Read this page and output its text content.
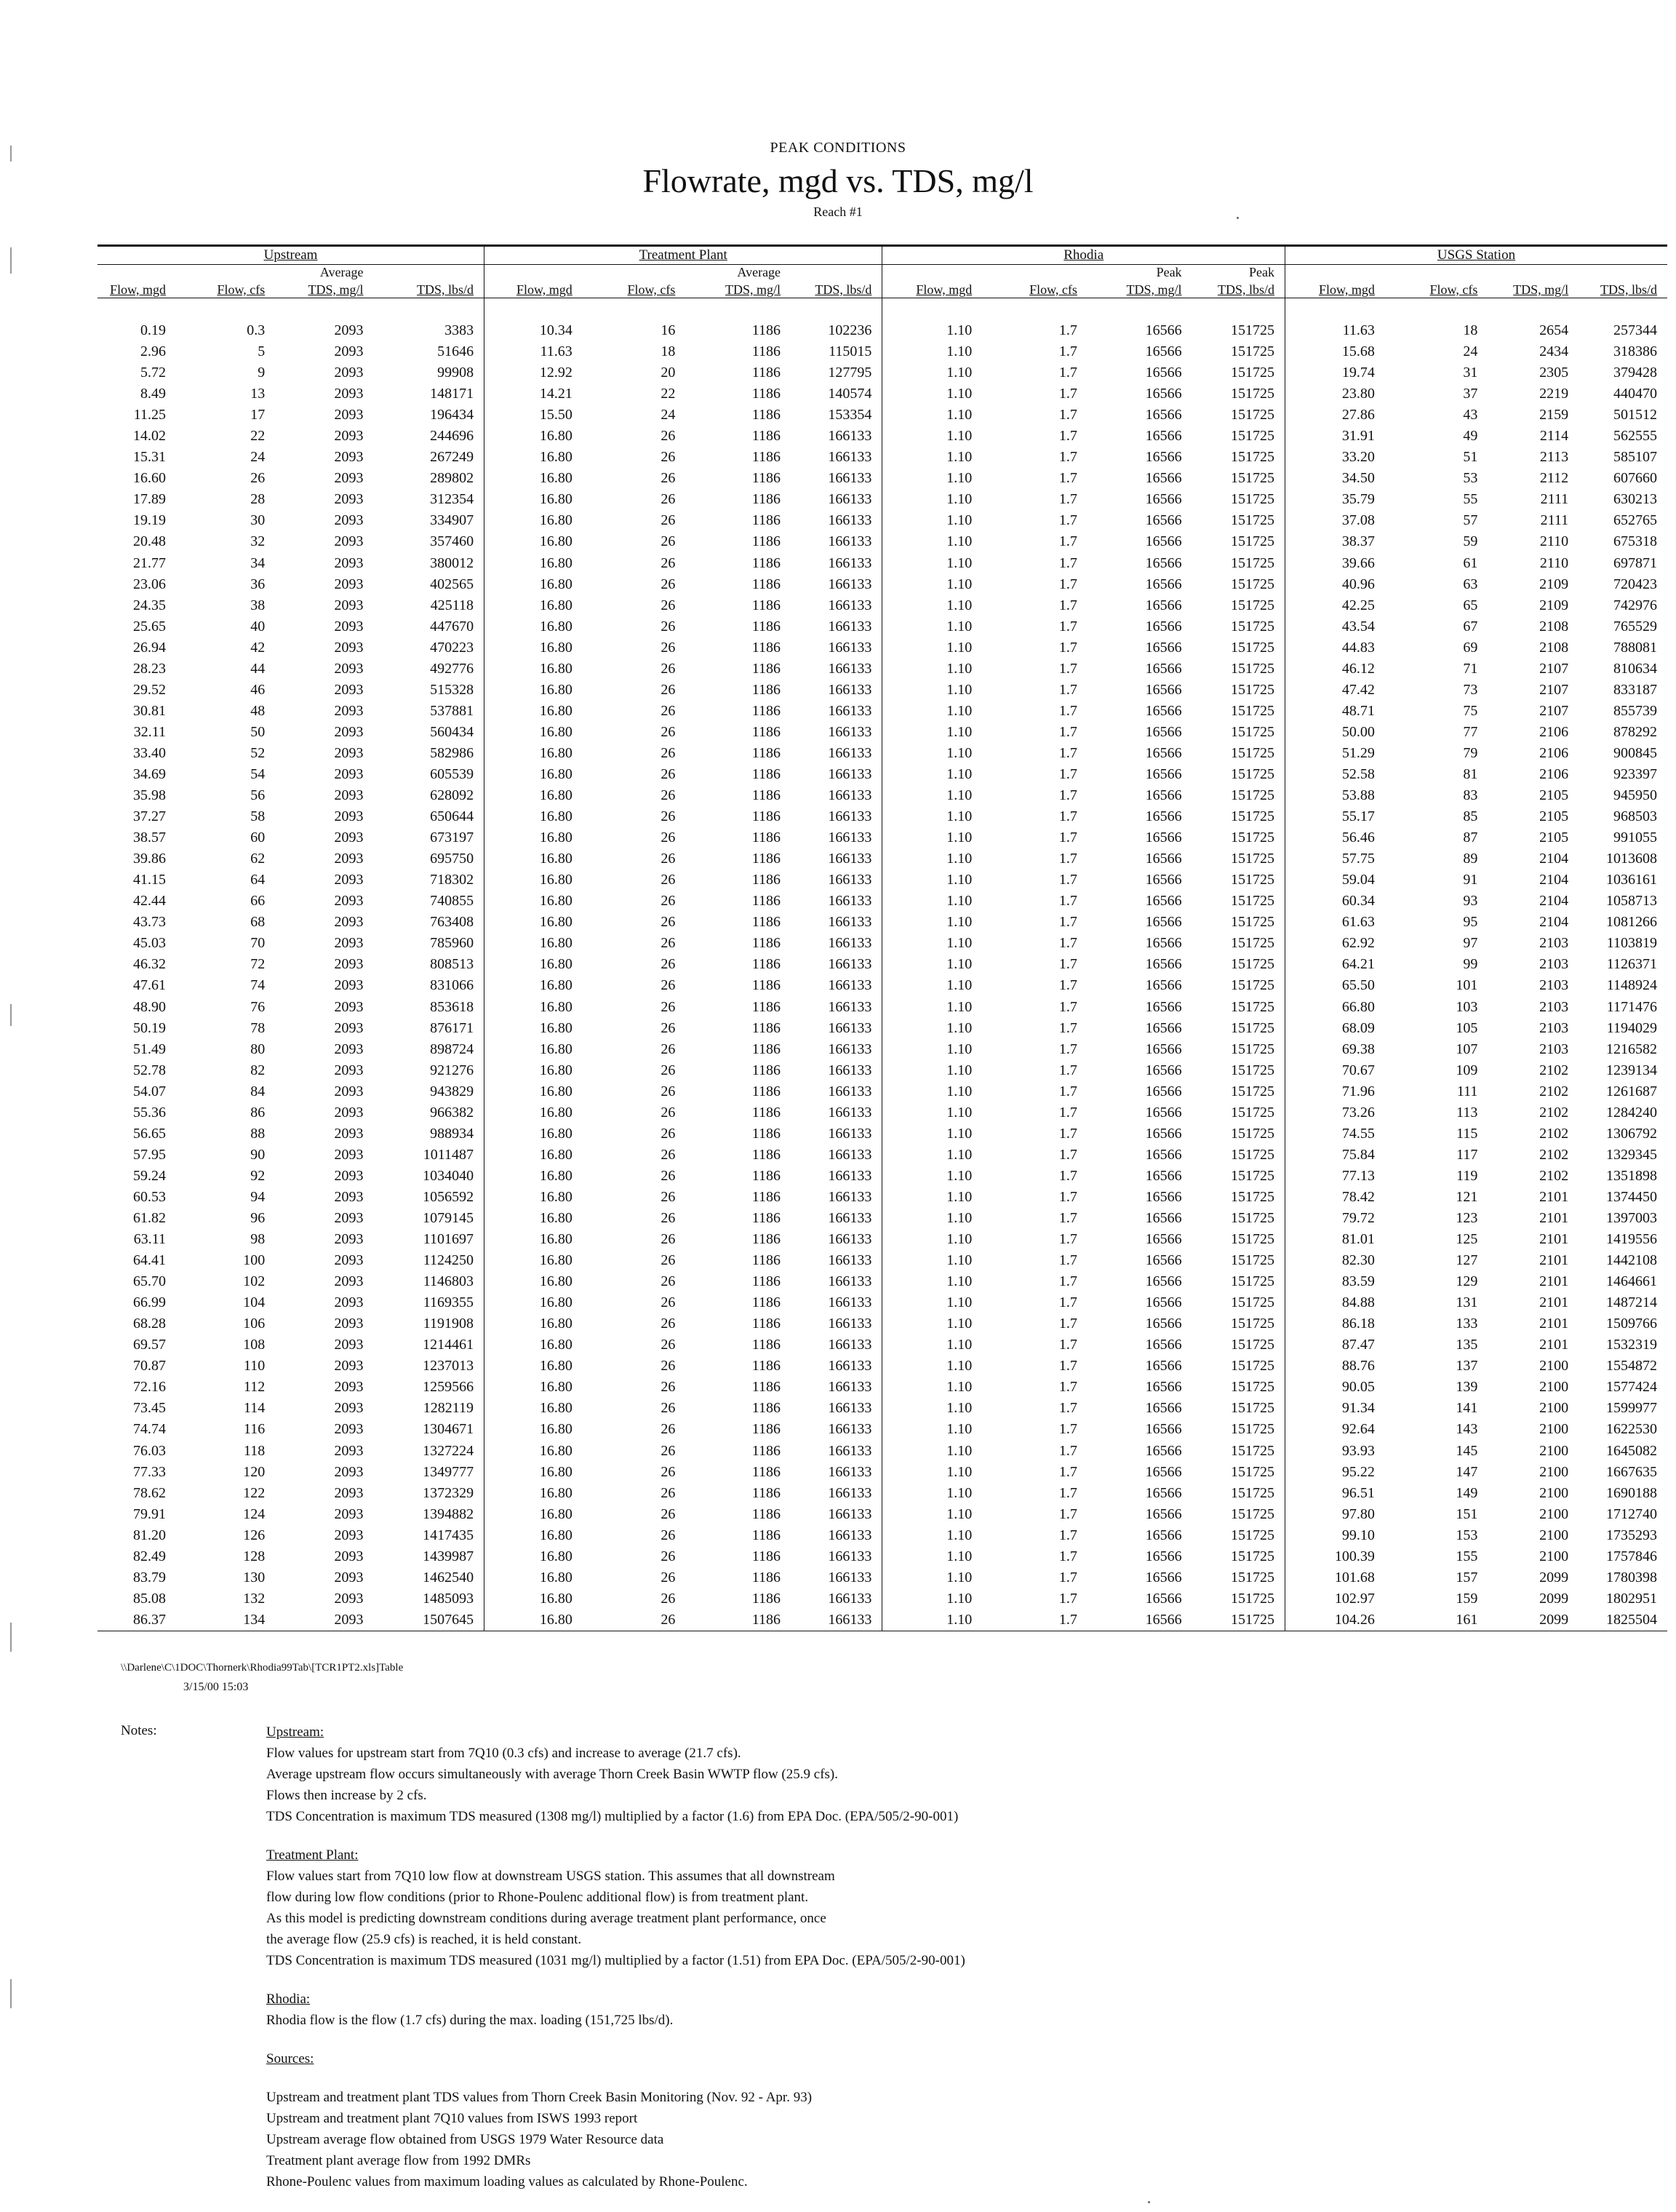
PEAK CONDITIONS
Flowrate, mgd vs. TDS, mg/l
Reach #1
Upstream				Treatment Plant				Rhodia				USGS Station			
		Average				Average				Peak	Peak				
Flow, mgd	Flow, cfs	TDS, mg/l	TDS, lbs/d	Flow, mgd	Flow, cfs	TDS, mg/l	TDS, lbs/d	Flow, mgd	Flow, cfs	TDS, mg/l	TDS, lbs/d	Flow, mgd	Flow, cfs	TDS, mg/l	TDS, lbs/d

0.19	0.3	2093	3383	10.34	16	1186	102236	1.10	1.7	16566	151725	11.63	18	2654	257344
2.96	5	2093	51646	11.63	18	1186	115015	1.10	1.7	16566	151725	15.68	24	2434	318386
5.72	9	2093	99908	12.92	20	1186	127795	1.10	1.7	16566	151725	19.74	31	2305	379428
8.49	13	2093	148171	14.21	22	1186	140574	1.10	1.7	16566	151725	23.80	37	2219	440470
11.25	17	2093	196434	15.50	24	1186	153354	1.10	1.7	16566	151725	27.86	43	2159	501512
14.02	22	2093	244696	16.80	26	1186	166133	1.10	1.7	16566	151725	31.91	49	2114	562555
15.31	24	2093	267249	16.80	26	1186	166133	1.10	1.7	16566	151725	33.20	51	2113	585107
16.60	26	2093	289802	16.80	26	1186	166133	1.10	1.7	16566	151725	34.50	53	2112	607660
17.89	28	2093	312354	16.80	26	1186	166133	1.10	1.7	16566	151725	35.79	55	2111	630213
19.19	30	2093	334907	16.80	26	1186	166133	1.10	1.7	16566	151725	37.08	57	2111	652765
20.48	32	2093	357460	16.80	26	1186	166133	1.10	1.7	16566	151725	38.37	59	2110	675318
21.77	34	2093	380012	16.80	26	1186	166133	1.10	1.7	16566	151725	39.66	61	2110	697871
23.06	36	2093	402565	16.80	26	1186	166133	1.10	1.7	16566	151725	40.96	63	2109	720423
24.35	38	2093	425118	16.80	26	1186	166133	1.10	1.7	16566	151725	42.25	65	2109	742976
25.65	40	2093	447670	16.80	26	1186	166133	1.10	1.7	16566	151725	43.54	67	2108	765529
26.94	42	2093	470223	16.80	26	1186	166133	1.10	1.7	16566	151725	44.83	69	2108	788081
28.23	44	2093	492776	16.80	26	1186	166133	1.10	1.7	16566	151725	46.12	71	2107	810634
29.52	46	2093	515328	16.80	26	1186	166133	1.10	1.7	16566	151725	47.42	73	2107	833187
30.81	48	2093	537881	16.80	26	1186	166133	1.10	1.7	16566	151725	48.71	75	2107	855739
32.11	50	2093	560434	16.80	26	1186	166133	1.10	1.7	16566	151725	50.00	77	2106	878292
33.40	52	2093	582986	16.80	26	1186	166133	1.10	1.7	16566	151725	51.29	79	2106	900845
34.69	54	2093	605539	16.80	26	1186	166133	1.10	1.7	16566	151725	52.58	81	2106	923397
35.98	56	2093	628092	16.80	26	1186	166133	1.10	1.7	16566	151725	53.88	83	2105	945950
37.27	58	2093	650644	16.80	26	1186	166133	1.10	1.7	16566	151725	55.17	85	2105	968503
38.57	60	2093	673197	16.80	26	1186	166133	1.10	1.7	16566	151725	56.46	87	2105	991055
39.86	62	2093	695750	16.80	26	1186	166133	1.10	1.7	16566	151725	57.75	89	2104	1013608
41.15	64	2093	718302	16.80	26	1186	166133	1.10	1.7	16566	151725	59.04	91	2104	1036161
42.44	66	2093	740855	16.80	26	1186	166133	1.10	1.7	16566	151725	60.34	93	2104	1058713
43.73	68	2093	763408	16.80	26	1186	166133	1.10	1.7	16566	151725	61.63	95	2104	1081266
45.03	70	2093	785960	16.80	26	1186	166133	1.10	1.7	16566	151725	62.92	97	2103	1103819
46.32	72	2093	808513	16.80	26	1186	166133	1.10	1.7	16566	151725	64.21	99	2103	1126371
47.61	74	2093	831066	16.80	26	1186	166133	1.10	1.7	16566	151725	65.50	101	2103	1148924
48.90	76	2093	853618	16.80	26	1186	166133	1.10	1.7	16566	151725	66.80	103	2103	1171476
50.19	78	2093	876171	16.80	26	1186	166133	1.10	1.7	16566	151725	68.09	105	2103	1194029
51.49	80	2093	898724	16.80	26	1186	166133	1.10	1.7	16566	151725	69.38	107	2103	1216582
52.78	82	2093	921276	16.80	26	1186	166133	1.10	1.7	16566	151725	70.67	109	2102	1239134
54.07	84	2093	943829	16.80	26	1186	166133	1.10	1.7	16566	151725	71.96	111	2102	1261687
55.36	86	2093	966382	16.80	26	1186	166133	1.10	1.7	16566	151725	73.26	113	2102	1284240
56.65	88	2093	988934	16.80	26	1186	166133	1.10	1.7	16566	151725	74.55	115	2102	1306792
57.95	90	2093	1011487	16.80	26	1186	166133	1.10	1.7	16566	151725	75.84	117	2102	1329345
59.24	92	2093	1034040	16.80	26	1186	166133	1.10	1.7	16566	151725	77.13	119	2102	1351898
60.53	94	2093	1056592	16.80	26	1186	166133	1.10	1.7	16566	151725	78.42	121	2101	1374450
61.82	96	2093	1079145	16.80	26	1186	166133	1.10	1.7	16566	151725	79.72	123	2101	1397003
63.11	98	2093	1101697	16.80	26	1186	166133	1.10	1.7	16566	151725	81.01	125	2101	1419556
64.41	100	2093	1124250	16.80	26	1186	166133	1.10	1.7	16566	151725	82.30	127	2101	1442108
65.70	102	2093	1146803	16.80	26	1186	166133	1.10	1.7	16566	151725	83.59	129	2101	1464661
66.99	104	2093	1169355	16.80	26	1186	166133	1.10	1.7	16566	151725	84.88	131	2101	1487214
68.28	106	2093	1191908	16.80	26	1186	166133	1.10	1.7	16566	151725	86.18	133	2101	1509766
69.57	108	2093	1214461	16.80	26	1186	166133	1.10	1.7	16566	151725	87.47	135	2101	1532319
70.87	110	2093	1237013	16.80	26	1186	166133	1.10	1.7	16566	151725	88.76	137	2100	1554872
72.16	112	2093	1259566	16.80	26	1186	166133	1.10	1.7	16566	151725	90.05	139	2100	1577424
73.45	114	2093	1282119	16.80	26	1186	166133	1.10	1.7	16566	151725	91.34	141	2100	1599977
74.74	116	2093	1304671	16.80	26	1186	166133	1.10	1.7	16566	151725	92.64	143	2100	1622530
76.03	118	2093	1327224	16.80	26	1186	166133	1.10	1.7	16566	151725	93.93	145	2100	1645082
77.33	120	2093	1349777	16.80	26	1186	166133	1.10	1.7	16566	151725	95.22	147	2100	1667635
78.62	122	2093	1372329	16.80	26	1186	166133	1.10	1.7	16566	151725	96.51	149	2100	1690188
79.91	124	2093	1394882	16.80	26	1186	166133	1.10	1.7	16566	151725	97.80	151	2100	1712740
81.20	126	2093	1417435	16.80	26	1186	166133	1.10	1.7	16566	151725	99.10	153	2100	1735293
82.49	128	2093	1439987	16.80	26	1186	166133	1.10	1.7	16566	151725	100.39	155	2100	1757846
83.79	130	2093	1462540	16.80	26	1186	166133	1.10	1.7	16566	151725	101.68	157	2099	1780398
85.08	132	2093	1485093	16.80	26	1186	166133	1.10	1.7	16566	151725	102.97	159	2099	1802951
86.37	134	2093	1507645	16.80	26	1186	166133	1.10	1.7	16566	151725	104.26	161	2099	1825504
\\Darlene\C\1DOC\Thornerk\Rhodia99Tab\[TCR1PT2.xls]Table
3/15/00 15:03
Notes:	Upstream:
Flow values for upstream start from 7Q10 (0.3 cfs) and increase to average (21.7 cfs).
Average upstream flow occurs simultaneously with average Thorn Creek Basin WWTP flow (25.9 cfs).
Flows then increase by 2 cfs.
TDS Concentration is maximum TDS measured (1308 mg/l) multiplied by a factor (1.6) from EPA Doc. (EPA/505/2-90-001)
Treatment Plant:
Flow values start from 7Q10 low flow at downstream USGS station. This assumes that all downstream
flow during low flow conditions (prior to Rhone-Poulenc additional flow) is from treatment plant.
As this model is predicting downstream conditions during average treatment plant performance, once
the average flow (25.9 cfs) is reached, it is held constant.
TDS Concentration is maximum TDS measured (1031 mg/l) multiplied by a factor (1.51) from EPA Doc. (EPA/505/2-90-001)
Rhodia:
Rhodia flow is the flow (1.7 cfs) during the max. loading (151,725 lbs/d).
Sources:
Upstream and treatment plant TDS values from Thorn Creek Basin Monitoring (Nov. 92 - Apr. 93)
Upstream and treatment plant 7Q10 values from ISWS 1993 report
Upstream average flow obtained from USGS 1979 Water Resource data
Treatment plant average flow from 1992 DMRs
Rhone-Poulenc values from maximum loading values as calculated by Rhone-Poulenc.
